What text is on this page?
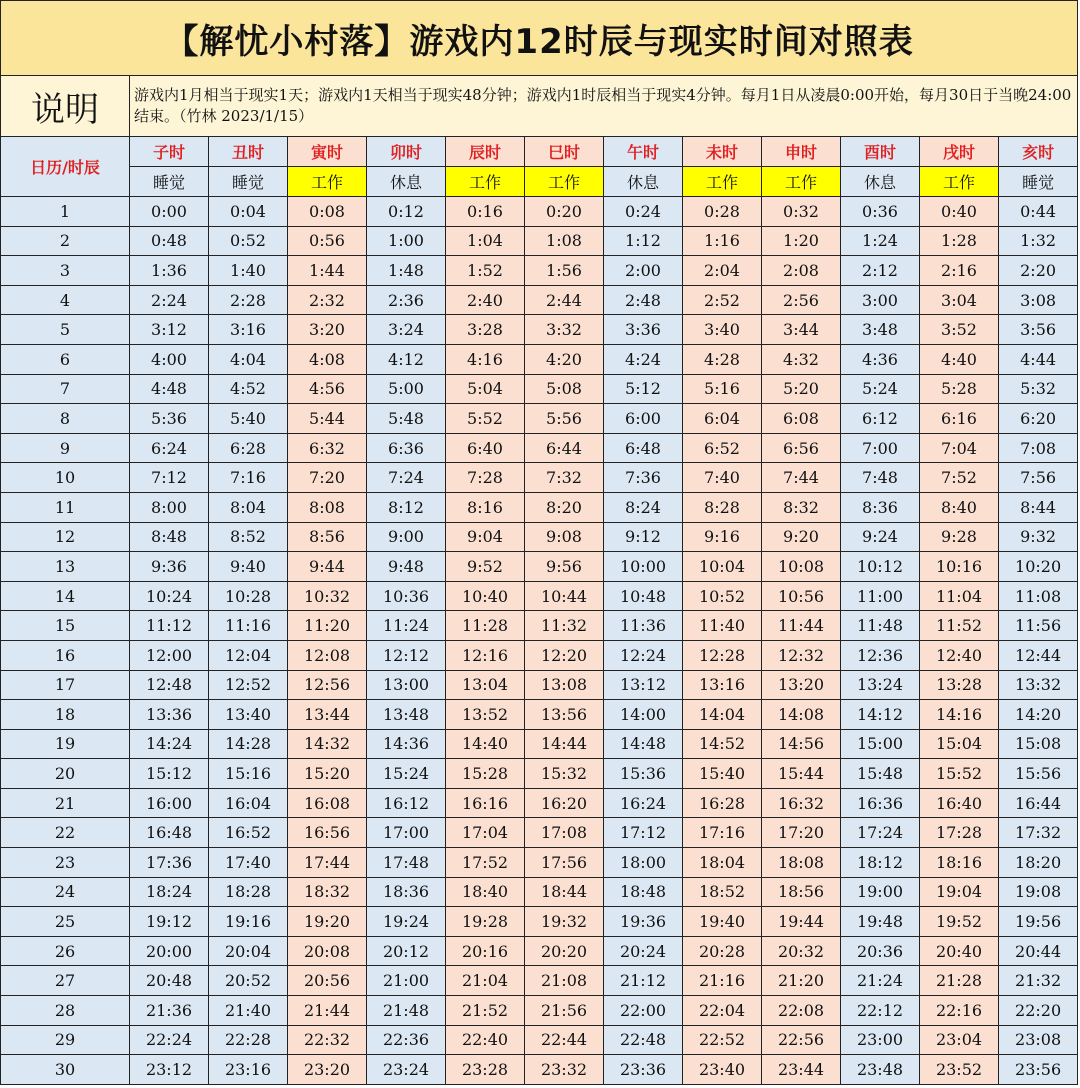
【解忧小村落】游戏内12时辰与现实时间对照表												
说明	游戏内1月相当于现实1天；游戏内1天相当于现实48分钟；游戏内1时辰相当于现实4分钟。每月1日从凌晨0:00开始，每月30日于当晚24:00结束。（竹林 2023/1/15）											
日历/时辰	子时	丑时	寅时	卯时	辰时	巳时	午时	未时	申时	酉时	戌时	亥时
	睡觉	睡觉	工作	休息	工作	工作	休息	工作	工作	休息	工作	睡觉
1	0:00	0:04	0:08	0:12	0:16	0:20	0:24	0:28	0:32	0:36	0:40	0:44
2	0:48	0:52	0:56	1:00	1:04	1:08	1:12	1:16	1:20	1:24	1:28	1:32
3	1:36	1:40	1:44	1:48	1:52	1:56	2:00	2:04	2:08	2:12	2:16	2:20
4	2:24	2:28	2:32	2:36	2:40	2:44	2:48	2:52	2:56	3:00	3:04	3:08
5	3:12	3:16	3:20	3:24	3:28	3:32	3:36	3:40	3:44	3:48	3:52	3:56
6	4:00	4:04	4:08	4:12	4:16	4:20	4:24	4:28	4:32	4:36	4:40	4:44
7	4:48	4:52	4:56	5:00	5:04	5:08	5:12	5:16	5:20	5:24	5:28	5:32
8	5:36	5:40	5:44	5:48	5:52	5:56	6:00	6:04	6:08	6:12	6:16	6:20
9	6:24	6:28	6:32	6:36	6:40	6:44	6:48	6:52	6:56	7:00	7:04	7:08
10	7:12	7:16	7:20	7:24	7:28	7:32	7:36	7:40	7:44	7:48	7:52	7:56
11	8:00	8:04	8:08	8:12	8:16	8:20	8:24	8:28	8:32	8:36	8:40	8:44
12	8:48	8:52	8:56	9:00	9:04	9:08	9:12	9:16	9:20	9:24	9:28	9:32
13	9:36	9:40	9:44	9:48	9:52	9:56	10:00	10:04	10:08	10:12	10:16	10:20
14	10:24	10:28	10:32	10:36	10:40	10:44	10:48	10:52	10:56	11:00	11:04	11:08
15	11:12	11:16	11:20	11:24	11:28	11:32	11:36	11:40	11:44	11:48	11:52	11:56
16	12:00	12:04	12:08	12:12	12:16	12:20	12:24	12:28	12:32	12:36	12:40	12:44
17	12:48	12:52	12:56	13:00	13:04	13:08	13:12	13:16	13:20	13:24	13:28	13:32
18	13:36	13:40	13:44	13:48	13:52	13:56	14:00	14:04	14:08	14:12	14:16	14:20
19	14:24	14:28	14:32	14:36	14:40	14:44	14:48	14:52	14:56	15:00	15:04	15:08
20	15:12	15:16	15:20	15:24	15:28	15:32	15:36	15:40	15:44	15:48	15:52	15:56
21	16:00	16:04	16:08	16:12	16:16	16:20	16:24	16:28	16:32	16:36	16:40	16:44
22	16:48	16:52	16:56	17:00	17:04	17:08	17:12	17:16	17:20	17:24	17:28	17:32
23	17:36	17:40	17:44	17:48	17:52	17:56	18:00	18:04	18:08	18:12	18:16	18:20
24	18:24	18:28	18:32	18:36	18:40	18:44	18:48	18:52	18:56	19:00	19:04	19:08
25	19:12	19:16	19:20	19:24	19:28	19:32	19:36	19:40	19:44	19:48	19:52	19:56
26	20:00	20:04	20:08	20:12	20:16	20:20	20:24	20:28	20:32	20:36	20:40	20:44
27	20:48	20:52	20:56	21:00	21:04	21:08	21:12	21:16	21:20	21:24	21:28	21:32
28	21:36	21:40	21:44	21:48	21:52	21:56	22:00	22:04	22:08	22:12	22:16	22:20
29	22:24	22:28	22:32	22:36	22:40	22:44	22:48	22:52	22:56	23:00	23:04	23:08
30	23:12	23:16	23:20	23:24	23:28	23:32	23:36	23:40	23:44	23:48	23:52	23:56
